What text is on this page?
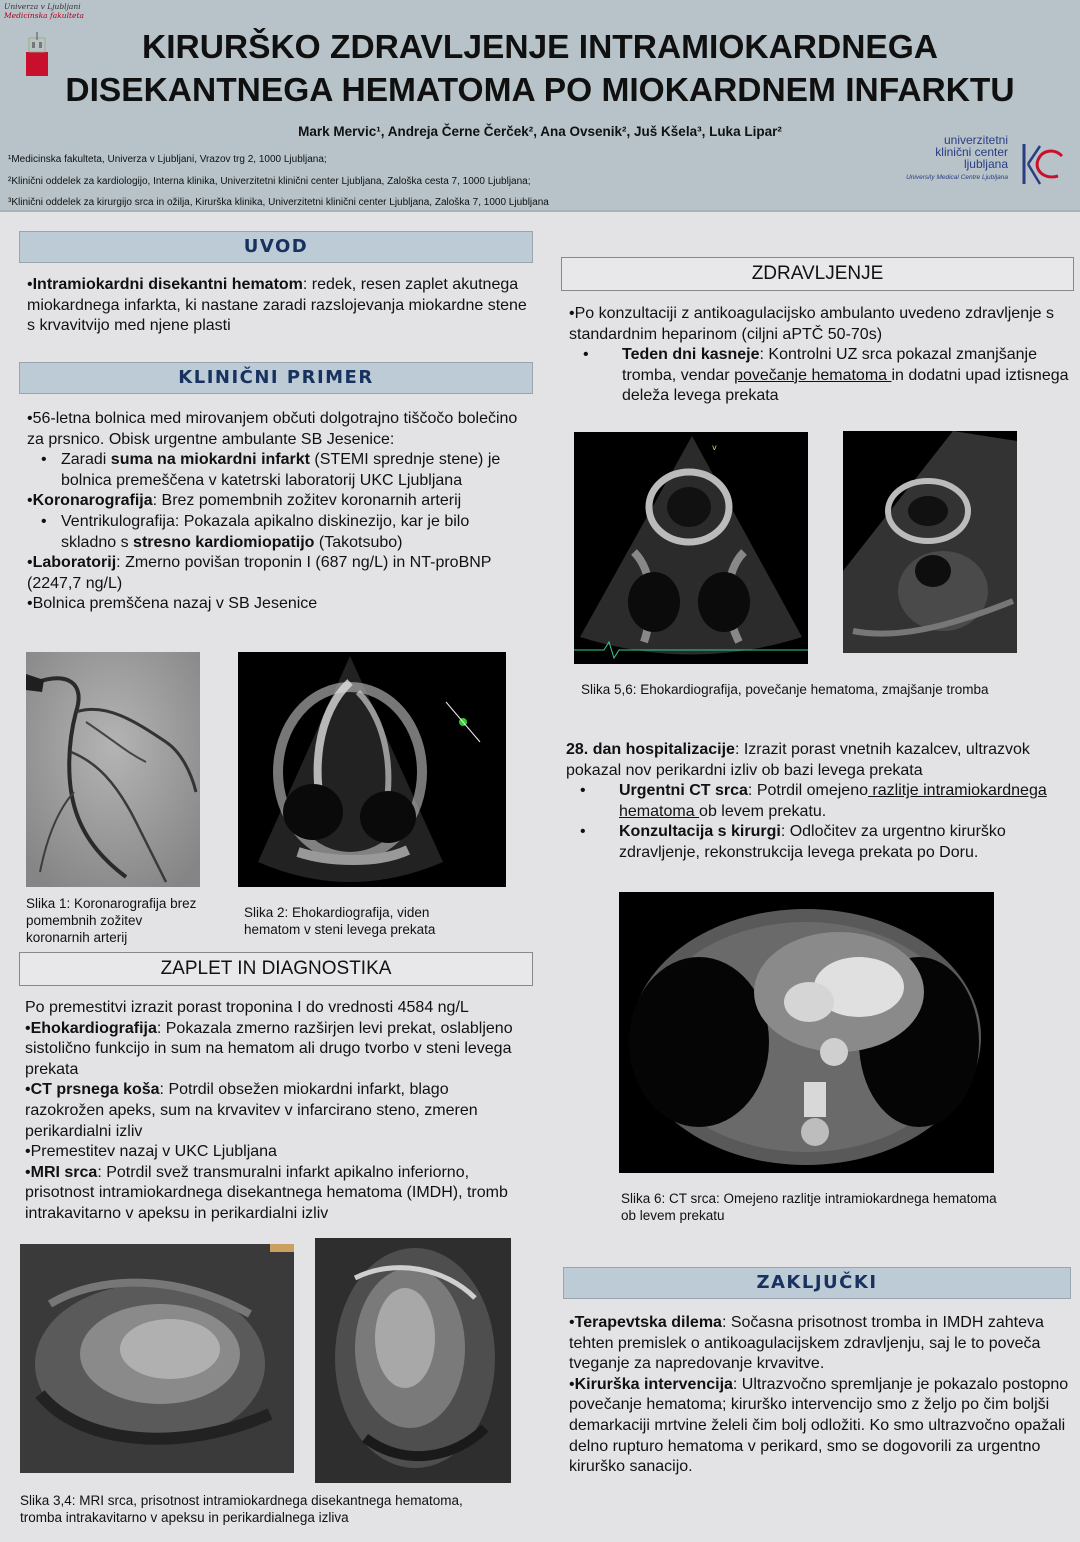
Univerza v Ljubljani
Medicinska fakulteta
KIRURŠKO ZDRAVLJENJE INTRAMIOKARDNEGA
DISEKANTNEGA HEMATOMA PO MIOKARDNEM INFARKTU
Mark Mervic¹, Andreja Černe Čerček², Ana Ovsenik², Juš Kšela³, Luka Lipar²
¹Medicinska fakulteta, Univerza v Ljubljani, Vrazov trg 2, 1000 Ljubljana;
²Klinični oddelek za kardiologijo, Interna klinika, Univerzitetni klinični center Ljubljana, Zaloška cesta 7, 1000 Ljubljana;
³Klinični oddelek za kirurgijo srca in ožilja, Kirurška klinika, Univerzitetni klinični center Ljubljana, Zaloška 7, 1000 Ljubljana
univerzitetni
klinični center ljubljana
University Medical Centre Ljubljana
UVOD

•Intramiokardni disekantni hematom: redek, resen zaplet akutnega miokardnega infarkta, ki nastane zaradi razslojevanja miokardne stene s krvavitvijo med njene plasti

KLINIČNI PRIMER

• 56-letna bolnica med mirovanjem občuti dolgotrajno tiščočo bolečino za prsnico. Obisk urgentne ambulante SB Jesenice:

• Zaradi suma na miokardni infarkt (STEMI sprednje stene) je bolnica premeščena v katetrski laboratorij UKC Ljubljana

•Koronarografija: Brez pomembnih zožitev koronarnih arterij

• Ventrikulografija: Pokazala apikalno diskinezijo, kar je bilo skladno s stresno kardiomiopatijo (Takotsubo)

•Laboratorij: Zmerno povišan troponin I (687 ng/L) in NT-proBNP (2247,7 ng/L)

• Bolnica premščena nazaj v SB Jesenice

Slika 1: Koronarografija brez pomembnih zožitev koronarnih arterij
Slika 2: Ehokardiografija, viden hematom v steni levega prekata
ZAPLET IN DIAGNOSTIKA

Po premestitvi izrazit porast troponina I do vrednosti 4584 ng/L

•Ehokardiografija: Pokazala zmerno razširjen levi prekat, oslabljeno sistolično funkcijo in sum na hematom ali drugo tvorbo v steni levega prekata

•CT prsnega koša: Potrdil obsežen miokardni infarkt, blago razokrožen apeks, sum na krvavitev v infarcirano steno, zmeren perikardialni izliv

• Premestitev nazaj v UKC Ljubljana

•MRI srca: Potrdil svež transmuralni infarkt apikalno inferiorno, prisotnost intramiokardnega disekantnega hematoma (IMDH), tromb intrakavitarno v apeksu in perikardialni izliv

Slika 3,4: MRI srca, prisotnost intramiokardnega disekantnega hematoma, tromba intrakavitarno v apeksu in perikardialnega izliva
ZDRAVLJENJE

• Po konzultaciji z antikoagulacijsko ambulanto uvedeno zdravljenje s standardnim heparinom (ciljni aPTČ 50-70s)

• Teden dni kasneje: Kontrolni UZ srca pokazal zmanjšanje tromba, vendar povečanje hematoma in dodatni upad iztisnega deleža levega prekata

v
Slika 5,6: Ehokardiografija, povečanje hematoma, zmajšanje tromba

28. dan hospitalizacije: Izrazit porast vnetnih kazalcev, ultrazvok pokazal nov perikardni izliv ob bazi levega prekata

• Urgentni CT srca: Potrdil omejeno razlitje intramiokardnega hematoma ob levem prekatu.

• Konzultacija s kirurgi: Odločitev za urgentno kirurško zdravljenje, rekonstrukcija levega prekata po Doru.

Slika 6: CT srca: Omejeno razlitje intramiokardnega hematoma ob levem prekatu
ZAKLJUČKI

•Terapevtska dilema: Sočasna prisotnost tromba in IMDH zahteva tehten premislek o antikoagulacijskem zdravljenju, saj le to poveča tveganje za napredovanje krvavitve.

•Kirurška intervencija: Ultrazvočno spremljanje je pokazalo postopno povečanje hematoma; kirurško intervencijo smo z željo po čim boljši demarkaciji mrtvine želeli čim bolj odložiti. Ko smo ultrazvočno opažali delno rupturo hematoma v perikard, smo se dogovorili za urgentno kirurško sanacijo.
